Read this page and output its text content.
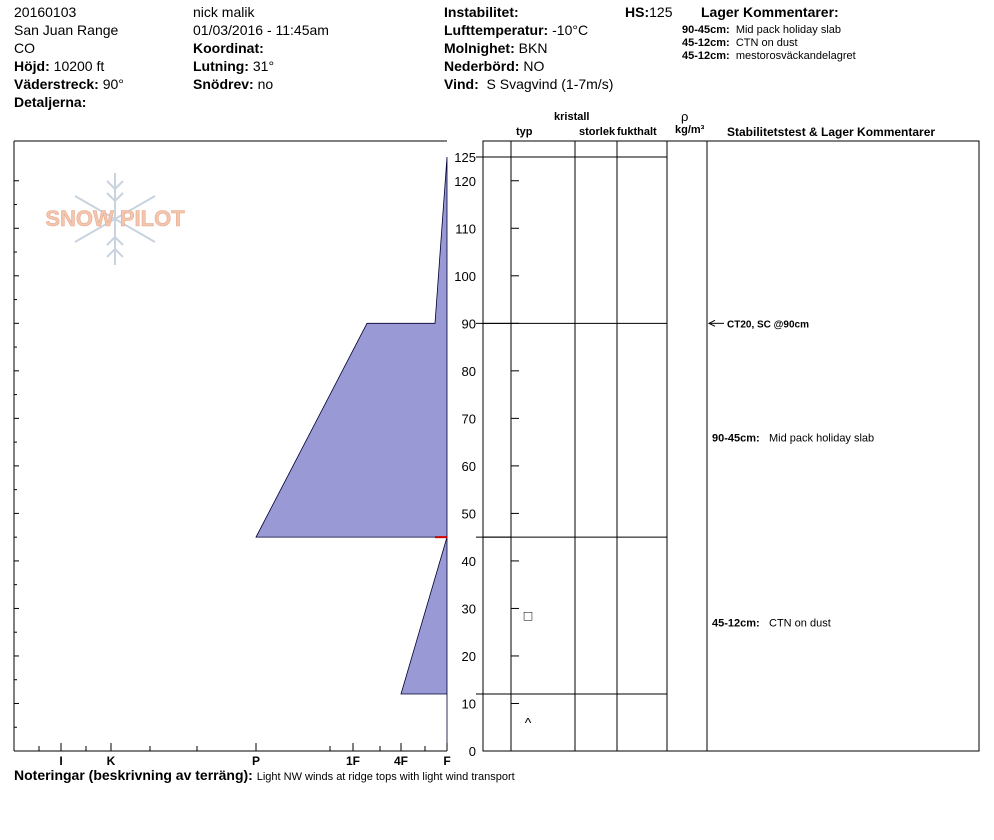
20160103
San Juan Range
CO
Höjd: 10200 ft
Väderstreck: 90°
Detaljerna:
nick malik
01/03/2016 - 11:45am
Koordinat:
Lutning: 31°
Snödrev: no
Instabilitet:
Lufttemperatur: -10°C
Molnighet: BKN
Nederbörd: NO
Vind: S Svagvind (1-7m/s)
HS:125 Lager Kommentarer:
90-45cm: Mid pack holiday slab
45-12cm: CTN on dust
45-12cm: mestorosväckandelagret
typ
kristall
storlek fukthalt
ρ
kg/m³ Stabilitetstest & Lager Kommentarer
SNOW PILOT
I	K	P	1F	4F	F
0
10
20
30
40
50
60
70
80
90
100
110
120
125
□
^
CT20, SC @90cm
90-45cm: Mid pack holiday slab
45-12cm: CTN on dust
Noteringar (beskrivning av terräng): Light NW winds at ridge tops with light wind transport
